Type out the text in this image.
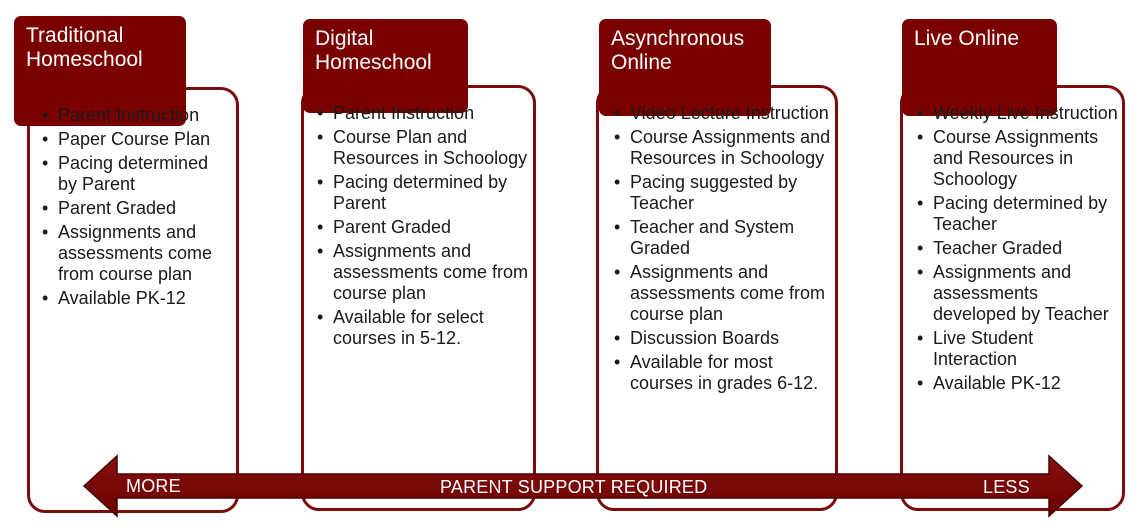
Traditional
Homeschool
• Parent Instruction
• Paper Course Plan
• Pacing determined by Parent
• Parent Graded
• Assignments and assessments come from course plan
• Available PK-12
Digital
Homeschool
• Parent Instruction
• Course Plan and Resources in Schoology
• Pacing determined by Parent
• Parent Graded
• Assignments and assessments come from course plan
• Available for select courses in 5-12.
Asynchronous
Online
• Video Lecture Instruction
• Course Assignments and Resources in Schoology
• Pacing suggested by Teacher
• Teacher and System Graded
• Assignments and assessments come from course plan
• Discussion Boards
• Available for most courses in grades 6-12.
Live Online
• Weekly Live Instruction
• Course Assignments and Resources in Schoology
• Pacing determined by Teacher
• Teacher Graded
• Assignments and assessments developed by Teacher
• Live Student Interaction
• Available PK-12
MORE	PARENT SUPPORT REQUIRED	LESS
